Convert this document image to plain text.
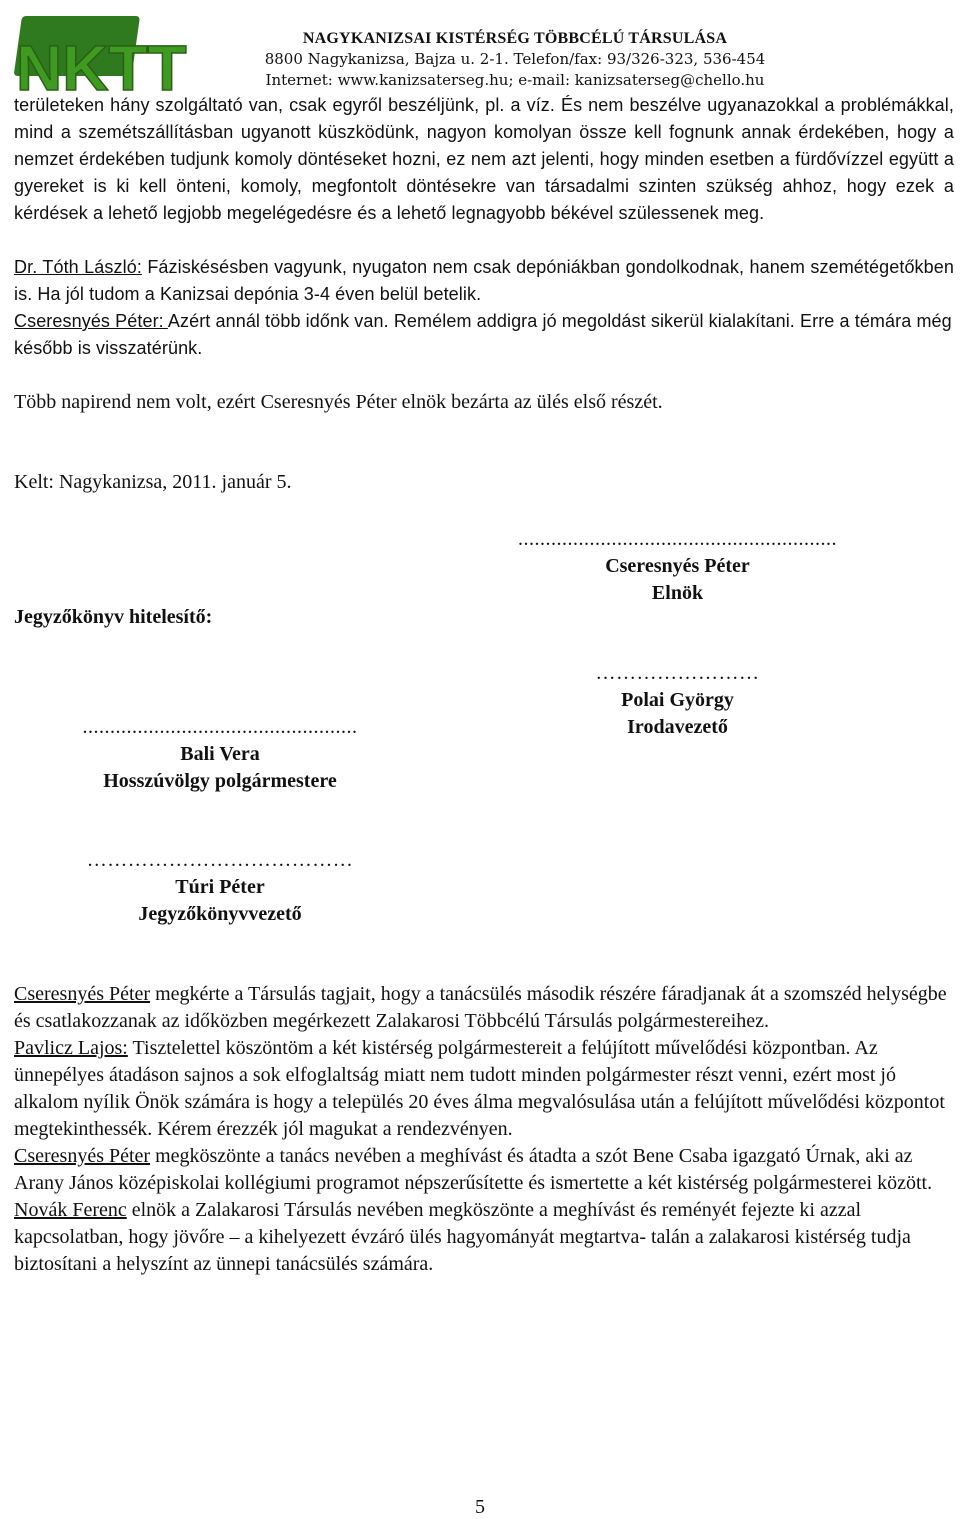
NKTT	NAGYKANIZSAI KISTÉRSÉG TÖBBCÉLÚ TÁRSULÁSA
8800 Nagykanizsa, Bajza u. 2-1. Telefon/fax: 93/326-323, 536-454
Internet: www.kanizsaterseg.hu; e-mail: kanizsaterseg@chello.hu

területeken hány szolgáltató van, csak egyről beszéljünk, pl. a víz. És nem beszélve ugyanazokkal a problémákkal, mind a szemétszállításban ugyanott küszködünk, nagyon komolyan össze kell fognunk annak érdekében, hogy a nemzet érdekében tudjunk komoly döntéseket hozni, ez nem azt jelenti, hogy minden esetben a fürdővízzel együtt a gyereket is ki kell önteni, komoly, megfontolt döntésekre van társadalmi szinten szükség ahhoz, hogy ezek a kérdések a lehető legjobb megelégedésre és a lehető legnagyobb békével szülessenek meg.

Dr. Tóth László: Fáziskésésben vagyunk, nyugaton nem csak depóniákban gondolkodnak, hanem szemétégetőkben is. Ha jól tudom a Kanizsai depónia 3-4 éven belül betelik.

Cseresnyés Péter: Azért annál több időnk van. Remélem addigra jó megoldást sikerül kialakítani. Erre a témára még később is visszatérünk.

Több napirend nem volt, ezért Cseresnyés Péter elnök bezárta az ülés első részét.

Kelt: Nagykanizsa, 2011. január 5.

..........................................................
Cseresnyés Péter
Elnök
Jegyzőkönyv hitelesítő:
……………………
Polai György
Irodavezető
..................................................
Bali Vera
Hosszúvölgy polgármestere
…………………………………
Túri Péter
Jegyzőkönyvvezető
Cseresnyés Péter megkérte a Társulás tagjait, hogy a tanácsülés második részére fáradjanak át a szomszéd helységbe és csatlakozzanak az időközben megérkezett Zalakarosi Többcélú Társulás polgármestereihez.
Pavlicz Lajos: Tisztelettel köszöntöm a két kistérség polgármestereit a felújított művelődési központban. Az ünnepélyes átadáson sajnos a sok elfoglaltság miatt nem tudott minden polgármester részt venni, ezért most jó alkalom nyílik Önök számára is hogy a település 20 éves álma megvalósulása után a felújított művelődési központot megtekinthessék. Kérem érezzék jól magukat a rendezvényen.
Cseresnyés Péter megköszönte a tanács nevében a meghívást és átadta a szót Bene Csaba igazgató Úrnak, aki az Arany János középiskolai kollégiumi programot népszerűsítette és ismertette a két kistérség polgármesterei között.
Novák Ferenc elnök a Zalakarosi Társulás nevében megköszönte a meghívást és reményét fejezte ki azzal kapcsolatban, hogy jövőre – a kihelyezett évzáró ülés hagyományát megtartva- talán a zalakarosi kistérség tudja biztosítani a helyszínt az ünnepi tanácsülés számára.
5
